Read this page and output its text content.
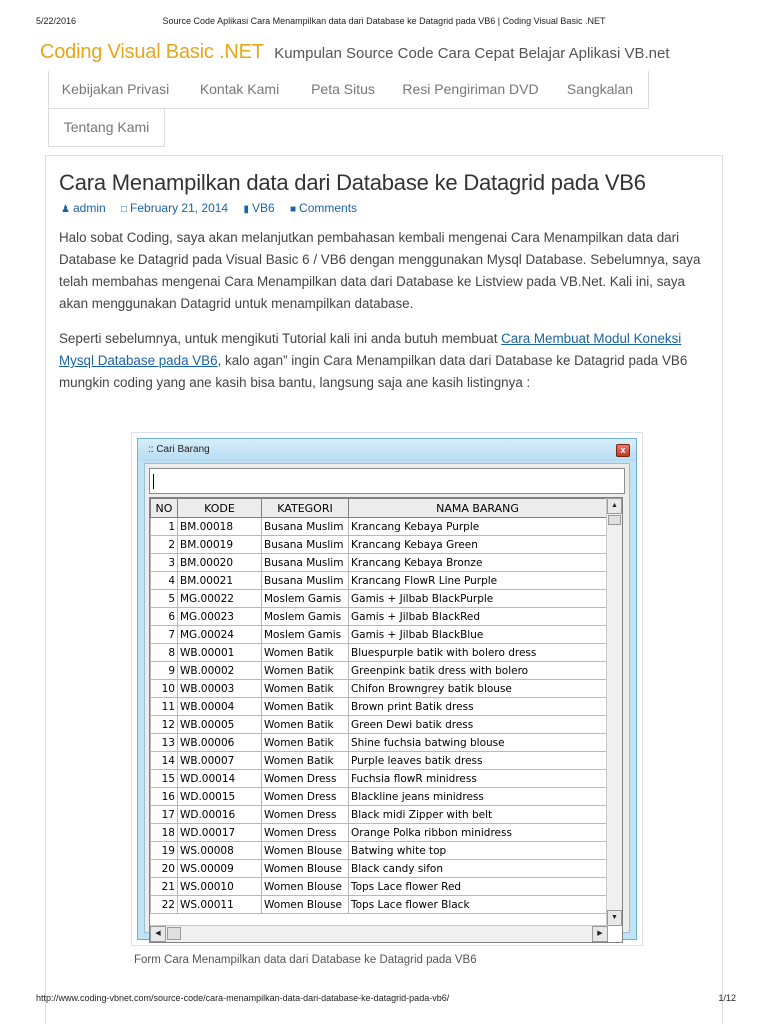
5/22/2016	Source Code Aplikasi Cara Menampilkan data dari Database ke Datagrid pada VB6 | Coding Visual Basic .NET
Coding Visual Basic .NET Kumpulan Source Code Cara Cepat Belajar Aplikasi VB.net
Kebijakan Privasi	Kontak Kami	Peta Situs	Resi Pengiriman DVD	Sangkalan
Tentang Kami
Cara Menampilkan data dari Database ke Datagrid pada VB6
♟ admin □ February 21, 2014 ▮ VB6 ■ Comments

Halo sobat Coding, saya akan melanjutkan pembahasan kembali mengenai Cara Menampilkan data dari Database ke Datagrid pada Visual Basic 6 / VB6 dengan menggunakan Mysql Database. Sebelumnya, saya telah membahas mengenai Cara Menampilkan data dari Database ke Listview pada VB.Net. Kali ini, saya akan menggunakan Datagrid untuk menampilkan database.

Seperti sebelumnya, untuk mengikuti Tutorial kali ini anda butuh membuat Cara Membuat Modul Koneksi Mysql Database pada VB6, kalo agan” ingin Cara Menampilkan data dari Database ke Datagrid pada VB6 mungkin coding yang ane kasih bisa bantu, langsung saja ane kasih listingnya :

:: Cari Barang	x
NO	KODE	KATEGORI	NAMA BARANG
1	BM.00018	Busana Muslim	Krancang Kebaya Purple
2	BM.00019	Busana Muslim	Krancang Kebaya Green
3	BM.00020	Busana Muslim	Krancang Kebaya Bronze
4	BM.00021	Busana Muslim	Krancang FlowR Line Purple
5	MG.00022	Moslem Gamis	Gamis + Jilbab BlackPurple
6	MG.00023	Moslem Gamis	Gamis + Jilbab BlackRed
7	MG.00024	Moslem Gamis	Gamis + Jilbab BlackBlue
8	WB.00001	Women Batik	Bluespurple batik with bolero dress
9	WB.00002	Women Batik	Greenpink batik dress with bolero
10	WB.00003	Women Batik	Chifon Browngrey batik blouse
11	WB.00004	Women Batik	Brown print Batik dress
12	WB.00005	Women Batik	Green Dewi batik dress
13	WB.00006	Women Batik	Shine fuchsia batwing blouse
14	WB.00007	Women Batik	Purple leaves batik dress
15	WD.00014	Women Dress	Fuchsia flowR minidress
16	WD.00015	Women Dress	Blackline jeans minidress
17	WD.00016	Women Dress	Black midi Zipper with belt
18	WD.00017	Women Dress	Orange Polka ribbon minidress
19	WS.00008	Women Blouse	Batwing white top
20	WS.00009	Women Blouse	Black candy sifon
21	WS.00010	Women Blouse	Tops Lace flower Red
22	WS.00011	Women Blouse	Tops Lace flower Black
▲
▼
◀	▶
Form Cara Menampilkan data dari Database ke Datagrid pada VB6
http://www.coding-vbnet.com/source-code/cara-menampilkan-data-dari-database-ke-datagrid-pada-vb6/	1/12
